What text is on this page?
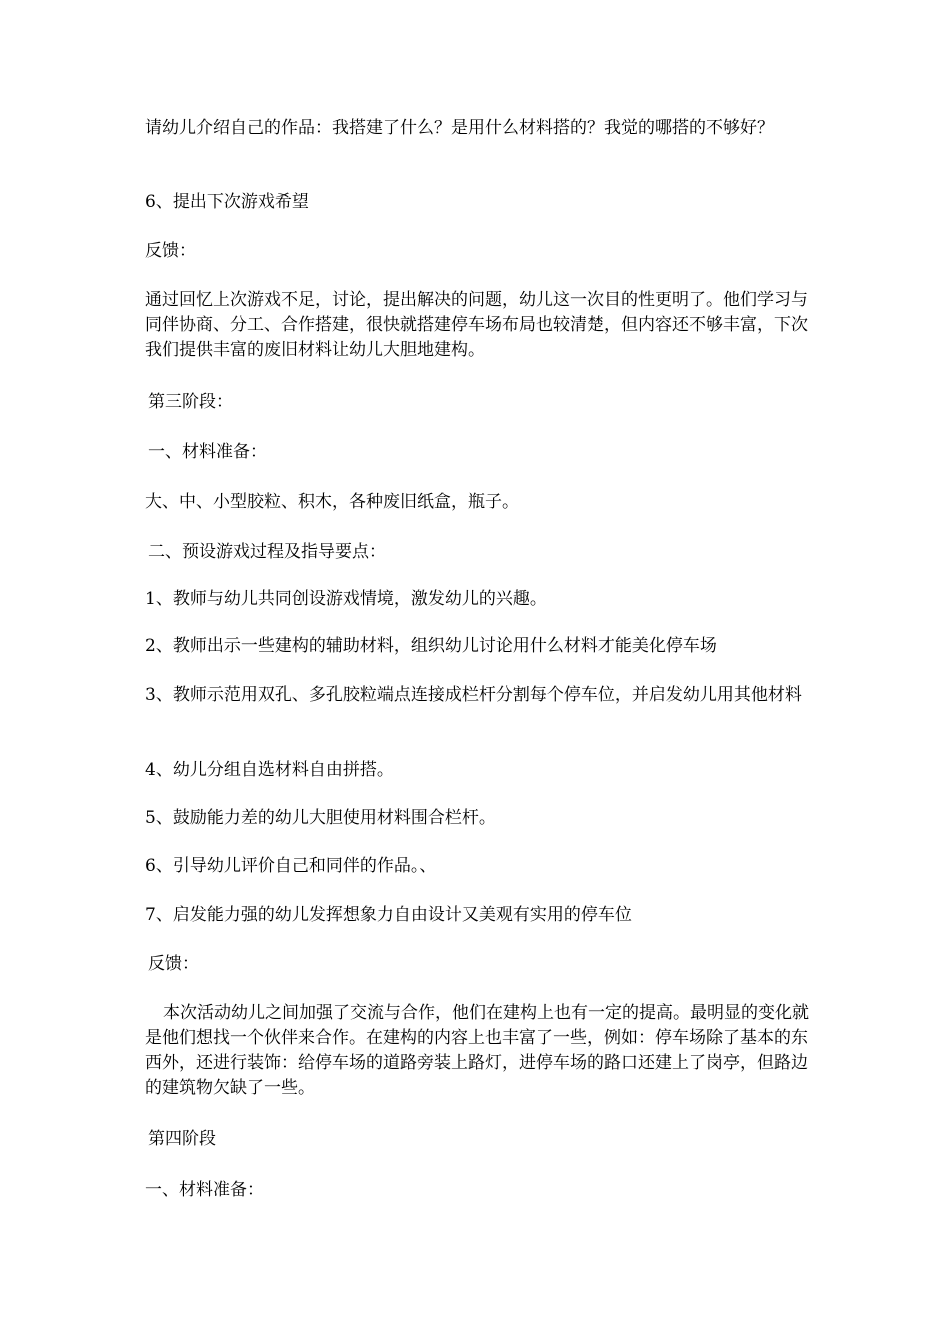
请幼儿介绍自己的作品：我搭建了什么？是用什么材料搭的？我觉的哪搭的不够好？

6、提出下次游戏希望

反馈：

通过回忆上次游戏不足，讨论，提出解决的问题，幼儿这一次目的性更明了。他们学习与同伴协商、分工、合作搭建，很快就搭建停车场布局也较清楚，但内容还不够丰富，下次我们提供丰富的废旧材料让幼儿大胆地建构。

第三阶段：

一、材料准备：

大、中、小型胶粒、积木，各种废旧纸盒，瓶子。

二、预设游戏过程及指导要点：

1、教师与幼儿共同创设游戏情境，激发幼儿的兴趣。

2、教师出示一些建构的辅助材料，组织幼儿讨论用什么材料才能美化停车场

3、教师示范用双孔、多孔胶粒端点连接成栏杆分割每个停车位，并启发幼儿用其他材料

4、幼儿分组自选材料自由拼搭。

5、鼓励能力差的幼儿大胆使用材料围合栏杆。

6、引导幼儿评价自己和同伴的作品。、

7、启发能力强的幼儿发挥想象力自由设计又美观有实用的停车位

反馈：

本次活动幼儿之间加强了交流与合作，他们在建构上也有一定的提高。最明显的变化就是他们想找一个伙伴来合作。在建构的内容上也丰富了一些，例如：停车场除了基本的东西外，还进行装饰：给停车场的道路旁装上路灯，进停车场的路口还建上了岗亭，但路边的建筑物欠缺了一些。

第四阶段

一、材料准备：
